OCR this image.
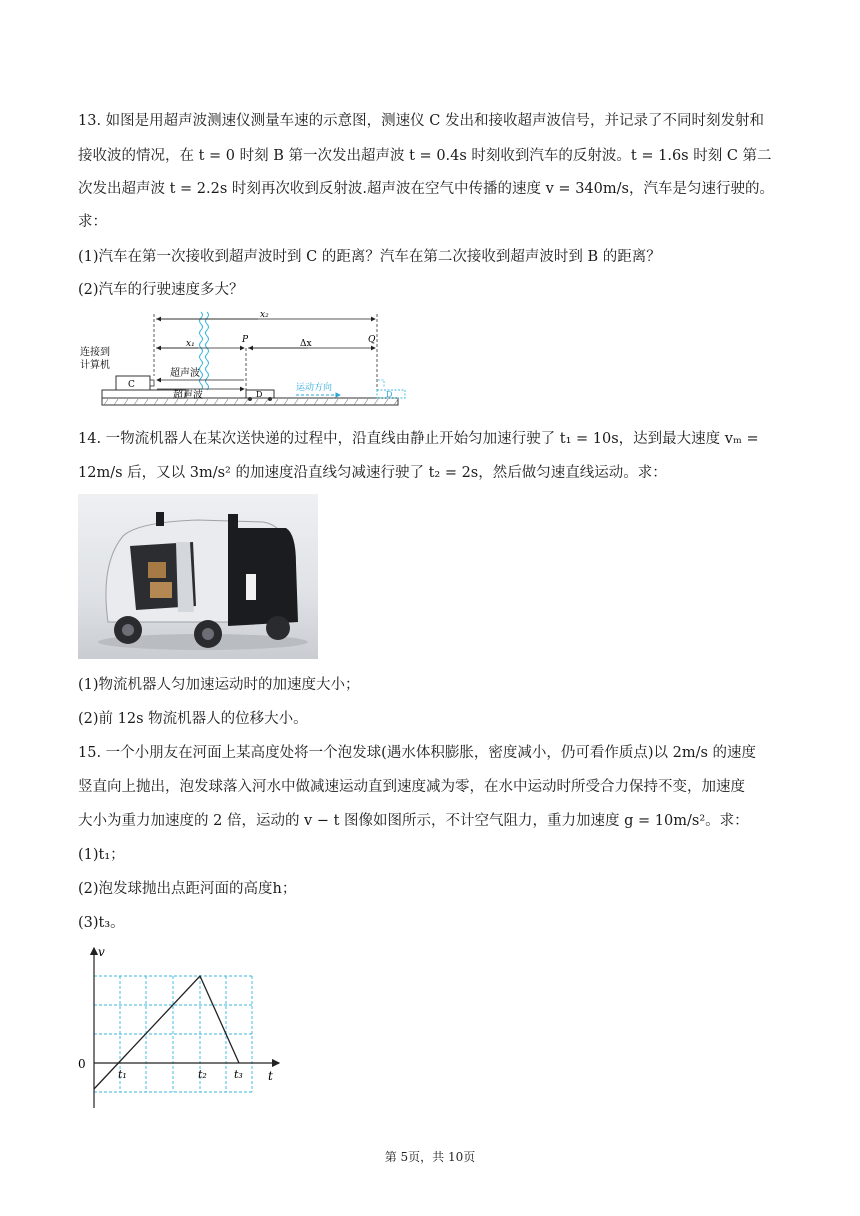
13. 如图是用超声波测速仪测量车速的示意图，测速仪 C 发出和接收超声波信号，并记录了不同时刻发射和
接收波的情况，在 t = 0 时刻 B 第一次发出超声波 t = 0.4s 时刻收到汽车的反射波。t = 1.6s 时刻 C 第二
次发出超声波 t = 2.2s 时刻再次收到反射波.超声波在空气中传播的速度 v = 340m/s，汽车是匀速行驶的。
求：
(1)汽车在第一次接收到超声波时到 C 的距离？汽车在第二次接收到超声波时到 B 的距离？
(2)汽车的行驶速度多大？
C
连接到
计算机
x₂
x₁	P	Δx	Q
超声波
超声波	D
运动方向
D
14. 一物流机器人在某次送快递的过程中，沿直线由静止开始匀加速行驶了 t₁ = 10s，达到最大速度 vₘ =
12m/s 后，又以 3m/s² 的加速度沿直线匀减速行驶了 t₂ = 2s，然后做匀速直线运动。求：
(1)物流机器人匀加速运动时的加速度大小；
(2)前 12s 物流机器人的位移大小。
15. 一个小朋友在河面上某高度处将一个泡发球(遇水体积膨胀，密度减小，仍可看作质点)以 2m/s 的速度
竖直向上抛出，泡发球落入河水中做减速运动直到速度减为零，在水中运动时所受合力保持不变，加速度
大小为重力加速度的 2 倍，运动的 v − t 图像如图所示，不计空气阻力，重力加速度 g = 10m/s²。求：
(1)t₁；
(2)泡发球抛出点距河面的高度h；
(3)t₃。
v
t
0
t₁	t₂ t₃
第 5页，共 10页
